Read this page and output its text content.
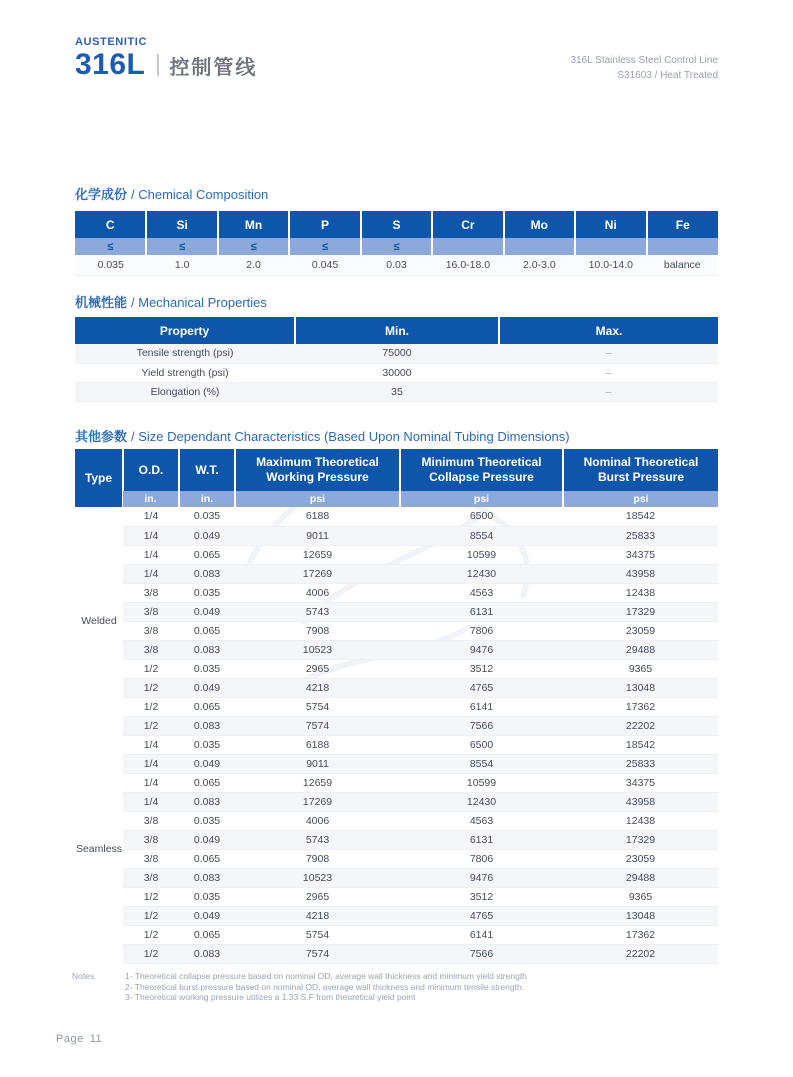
AUSTENITIC
316L 控制管线	316L Stainless Steel Control Line
S31603 / Heat Treated
化学成份 / Chemical Composition
C	Si	Mn	P	S	Cr	Mo	Ni	Fe
≤	≤	≤	≤	≤				
0.035	1.0	2.0	0.045	0.03	16.0-18.0	2.0-3.0	10.0-14.0	balance
机械性能 / Mechanical Properties
Property	Min.	Max.
Tensile strength (psi)	75000	–
Yield strength (psi)	30000	–
Elongation (%)	35	–
其他参数 / Size Dependant Characteristics (Based Upon Nominal Tubing Dimensions)
Type	O.D.	W.T.	Maximum Theoretical Working Pressure	Minimum Theoretical Collapse Pressure	Nominal Theoretical Burst Pressure
	in.	in.	psi	psi	psi
Welded	1/4	0.035	6188	6500	18542
	1/4	0.049	9011	8554	25833
	1/4	0.065	12659	10599	34375
	1/4	0.083	17269	12430	43958
	3/8	0.035	4006	4563	12438
	3/8	0.049	5743	6131	17329
	3/8	0.065	7908	7806	23059
	3/8	0.083	10523	9476	29488
	1/2	0.035	2965	3512	9365
	1/2	0.049	4218	4765	13048
	1/2	0.065	5754	6141	17362
	1/2	0.083	7574	7566	22202
Seamless	1/4	0.035	6188	6500	18542
	1/4	0.049	9011	8554	25833
	1/4	0.065	12659	10599	34375
	1/4	0.083	17269	12430	43958
	3/8	0.035	4006	4563	12438
	3/8	0.049	5743	6131	17329
	3/8	0.065	7908	7806	23059
	3/8	0.083	10523	9476	29488
	1/2	0.035	2965	3512	9365
	1/2	0.049	4218	4765	13048
	1/2	0.065	5754	6141	17362
	1/2	0.083	7574	7566	22202
Notes	1- Theoretical collapse pressure based on nominal OD, average wall thickness and minimum yield strength
2- Theoretical burst pressure based on nominal OD, average wall thickness and minimum tensile strength.
3- Theoretical working pressure utilizes a 1.33 S.F from theoretical yield point
Page 11
